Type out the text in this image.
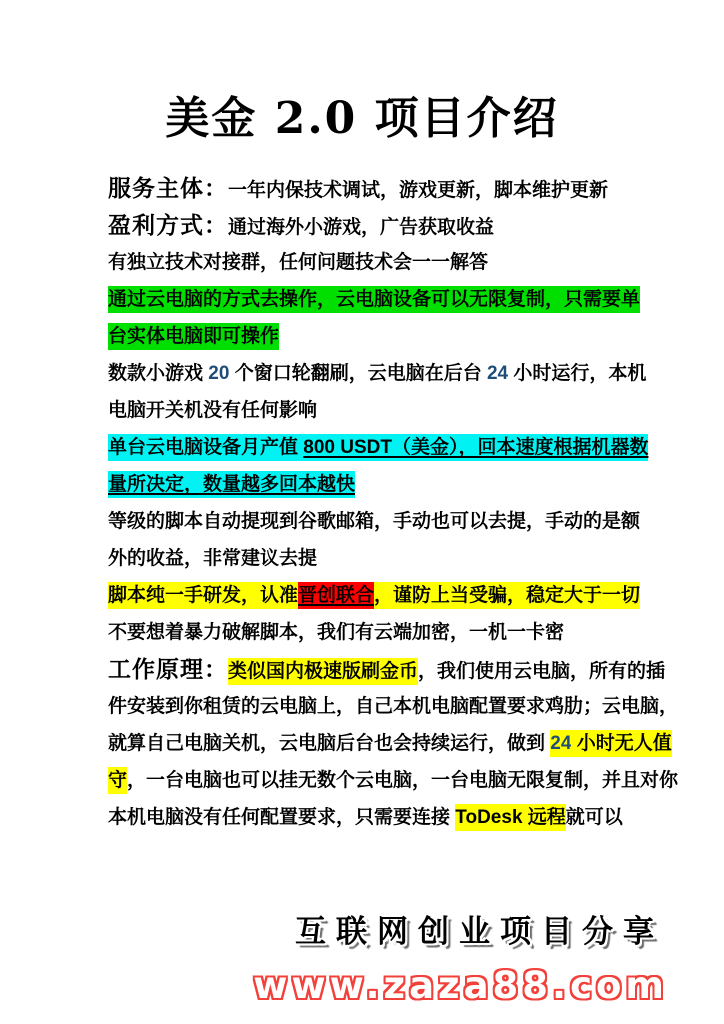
美金 2.0 项目介绍
服务主体：一年内保技术调试，游戏更新，脚本维护更新
盈利方式：通过海外小游戏，广告获取收益
有独立技术对接群，任何问题技术会一一解答
通过云电脑的方式去操作，云电脑设备可以无限复制，只需要单
台实体电脑即可操作
数款小游戏 20 个窗口轮翻刷，云电脑在后台 24 小时运行，本机
电脑开关机没有任何影响
单台云电脑设备月产值 800 USDT（美金），回本速度根据机器数
量所决定，数量越多回本越快
等级的脚本自动提现到谷歌邮箱，手动也可以去提，手动的是额
外的收益，非常建议去提
脚本纯一手研发，认准晋创联合，谨防上当受骗，稳定大于一切
不要想着暴力破解脚本，我们有云端加密，一机一卡密
工作原理：类似国内极速版刷金币，我们使用云电脑，所有的插
件安装到你租赁的云电脑上，自己本机电脑配置要求鸡肋；云电脑，
就算自己电脑关机，云电脑后台也会持续运行，做到 24 小时无人值
守，一台电脑也可以挂无数个云电脑，一台电脑无限复制，并且对你
本机电脑没有任何配置要求，只需要连接 ToDesk 远程就可以
互联网创业项目分享
www.zaza88.com
